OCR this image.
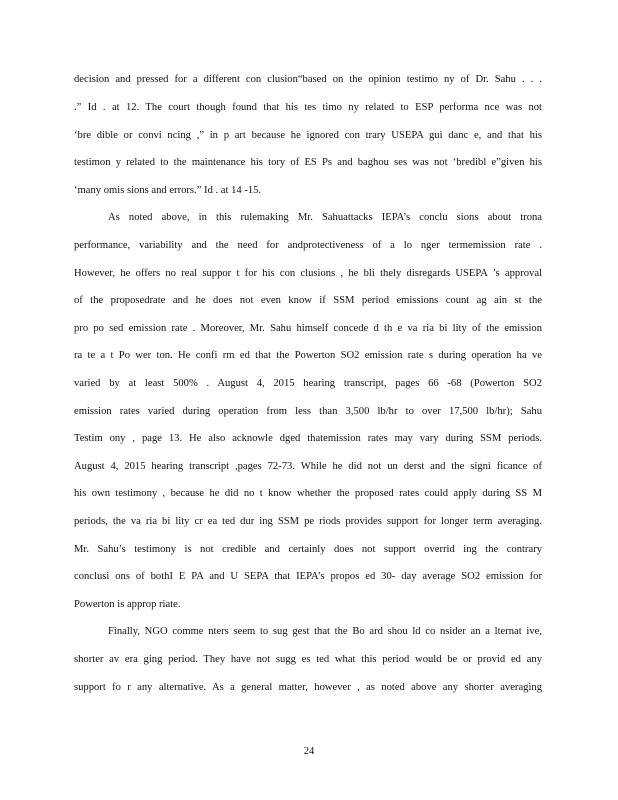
decision and pressed for a different con clusion“based on the opinion testimo ny of Dr. Sahu . . .
.” Id . at 12. The court though found that his tes timo ny related to ESP performa nce was not
‘bre dible or convi ncing ,” in p art because he ignored con trary USEPA gui danc e, and that his
testimon y related to the maintenance his tory of ES Ps and baghou ses was not ‘bredibl e”given his
‘many omis sions and errors.” Id . at 14 -15.
As noted above, in this rulemaking Mr. Sahuattacks IEPA’s conclu sions about trona
performance, variability and the need for andprotectiveness of a lo nger termemission rate .
However, he offers no real suppor t for his con clusions , he bli thely disregards USEPA ’s approval
of the proposedrate and he does not even know if SSM period emissions count ag ain st the
pro po sed emission rate . Moreover, Mr. Sahu himself concede d th e va ria bi lity of the emission
ra te a t Po wer ton. He confi rm ed that the Powerton SO2 emission rate s during operation ha ve
varied by at least 500% . August 4, 2015 hearing transcript, pages 66 -68 (Powerton SO2
emission rates varied during operation from less than 3,500 lb/hr to over 17,500 lb/hr); Sahu
Testim ony , page 13. He also acknowle dged thatemission rates may vary during SSM periods.
August 4, 2015 hearing transcript ,pages 72-73. While he did not un derst and the signi ficance of
his own testimony , because he did no t know whether the proposed rates could apply during SS M
periods, the va ria bi lity cr ea ted dur ing SSM pe riods provides support for longer term averaging.
Mr. Sahu’s testimony is not credible and certainly does not support overrid ing the contrary
conclusi ons of bothI E PA and U SEPA that IEPA’s propos ed 30- day average SO2 emission for
Powerton is approp riate.
Finally, NGO comme nters seem to sug gest that the Bo ard shou ld co nsider an a lternat ive,
shorter av era ging period. They have not sugg es ted what this period would be or provid ed any
support fo r any alternative. As a general matter, however , as noted above any shorter averaging
24
